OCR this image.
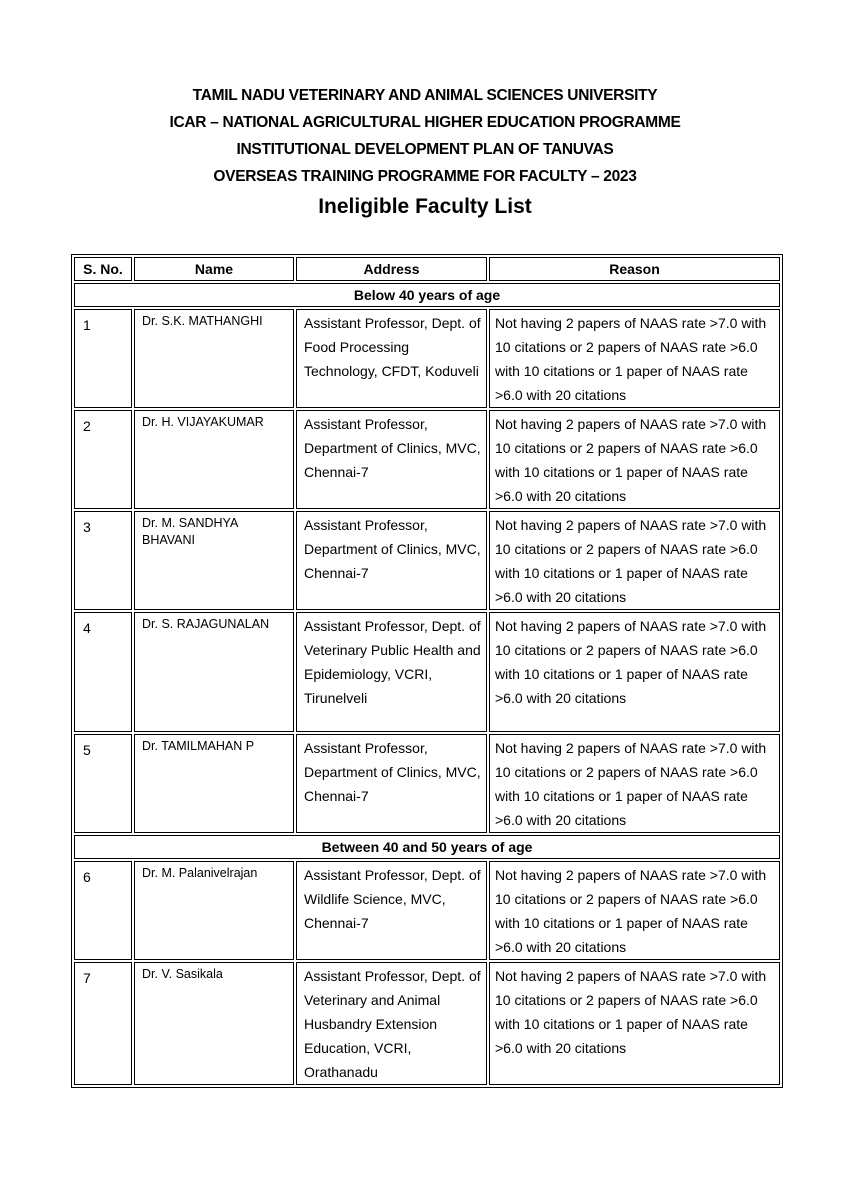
TAMIL NADU VETERINARY AND ANIMAL SCIENCES UNIVERSITY
ICAR – NATIONAL AGRICULTURAL HIGHER EDUCATION PROGRAMME
INSTITUTIONAL DEVELOPMENT PLAN OF TANUVAS
OVERSEAS TRAINING PROGRAMME FOR FACULTY – 2023
Ineligible Faculty List
S. No.	Name	Address	Reason
Below 40 years of age			
1	Dr. S.K. MATHANGHI	Assistant Professor, Dept. of Food Processing Technology, CFDT, Koduveli	Not having 2 papers of NAAS rate >7.0 with 10 citations or 2 papers of NAAS rate >6.0 with 10 citations or 1 paper of NAAS rate >6.0 with 20 citations
2	Dr. H. VIJAYAKUMAR	Assistant Professor, Department of Clinics, MVC, Chennai-7	Not having 2 papers of NAAS rate >7.0 with 10 citations or 2 papers of NAAS rate >6.0 with 10 citations or 1 paper of NAAS rate >6.0 with 20 citations
3	Dr. M. SANDHYA BHAVANI	Assistant Professor, Department of Clinics, MVC, Chennai-7	Not having 2 papers of NAAS rate >7.0 with 10 citations or 2 papers of NAAS rate >6.0 with 10 citations or 1 paper of NAAS rate >6.0 with 20 citations
4	Dr. S. RAJAGUNALAN	Assistant Professor, Dept. of Veterinary Public Health and Epidemiology, VCRI, Tirunelveli	Not having 2 papers of NAAS rate >7.0 with 10 citations or 2 papers of NAAS rate >6.0 with 10 citations or 1 paper of NAAS rate >6.0 with 20 citations
5	Dr. TAMILMAHAN P	Assistant Professor, Department of Clinics, MVC, Chennai-7	Not having 2 papers of NAAS rate >7.0 with 10 citations or 2 papers of NAAS rate >6.0 with 10 citations or 1 paper of NAAS rate >6.0 with 20 citations
Between 40 and 50 years of age			
6	Dr. M. Palanivelrajan	Assistant Professor, Dept. of Wildlife Science, MVC, Chennai-7	Not having 2 papers of NAAS rate >7.0 with 10 citations or 2 papers of NAAS rate >6.0 with 10 citations or 1 paper of NAAS rate >6.0 with 20 citations
7	Dr. V. Sasikala	Assistant Professor, Dept. of Veterinary and Animal Husbandry Extension Education, VCRI, Orathanadu	Not having 2 papers of NAAS rate >7.0 with 10 citations or 2 papers of NAAS rate >6.0 with 10 citations or 1 paper of NAAS rate >6.0 with 20 citations
